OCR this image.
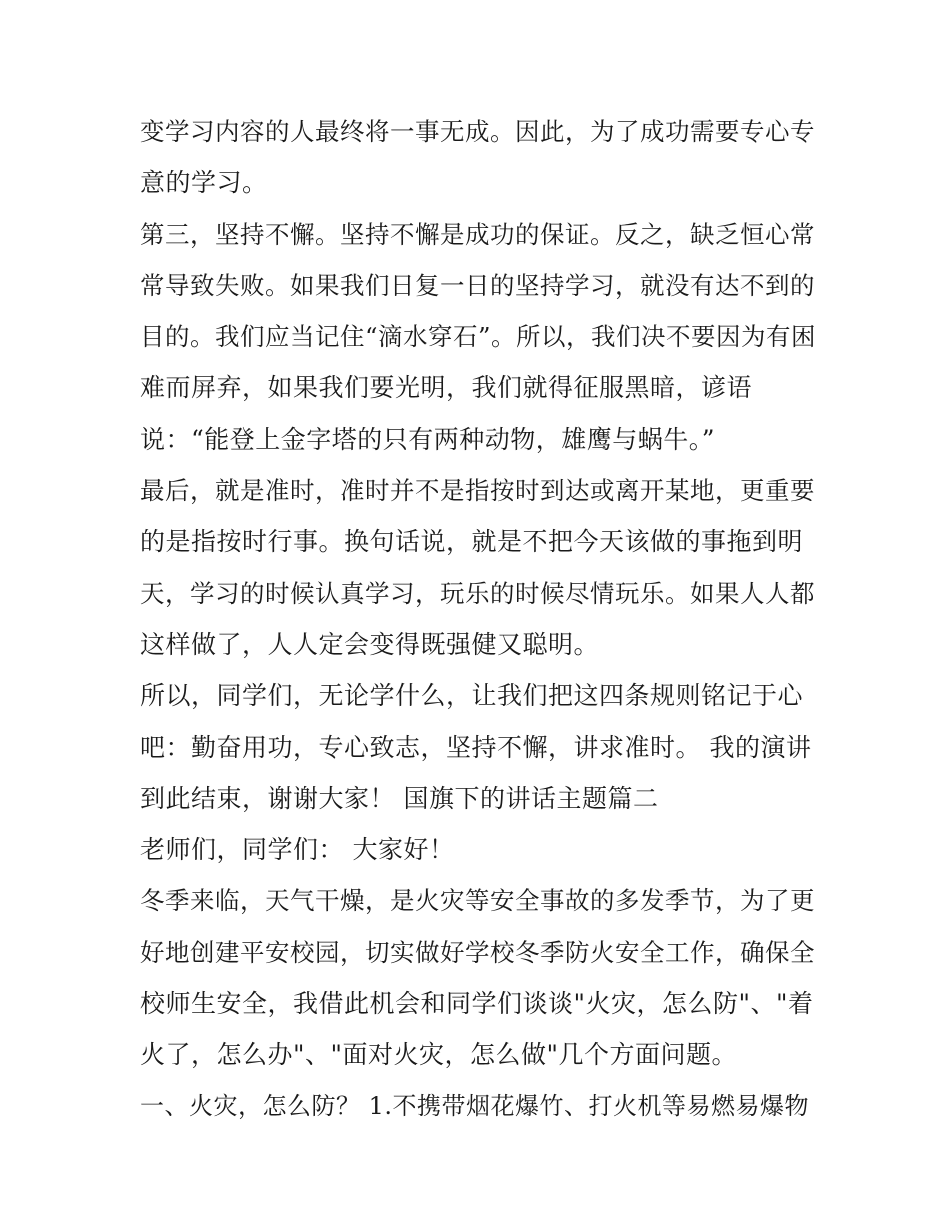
变学习内容的人最终将一事无成。因此，为了成功需要专心专
意的学习。
第三，坚持不懈。坚持不懈是成功的保证。反之，缺乏恒心常
常导致失败。如果我们日复一日的坚持学习，就没有达不到的
目的。我们应当记住“滴水穿石”。所以，我们决不要因为有困
难而屏弃，如果我们要光明，我们就得征服黑暗，谚语
说：“能登上金字塔的只有两种动物，雄鹰与蜗牛。”
最后，就是准时，准时并不是指按时到达或离开某地，更重要
的是指按时行事。换句话说，就是不把今天该做的事拖到明
天，学习的时候认真学习，玩乐的时候尽情玩乐。如果人人都
这样做了，人人定会变得既强健又聪明。
所以，同学们，无论学什么，让我们把这四条规则铭记于心
吧：勤奋用功，专心致志，坚持不懈，讲求准时。 我的演讲
到此结束，谢谢大家！ 国旗下的讲话主题篇二
老师们，同学们： 大家好！
冬季来临，天气干燥，是火灾等安全事故的多发季节，为了更
好地创建平安校园，切实做好学校冬季防火安全工作，确保全
校师生安全，我借此机会和同学们谈谈"火灾，怎么防"、"着
火了，怎么办"、"面对火灾，怎么做"几个方面问题。
一、火灾，怎么防？ 1.不携带烟花爆竹、打火机等易燃易爆物
